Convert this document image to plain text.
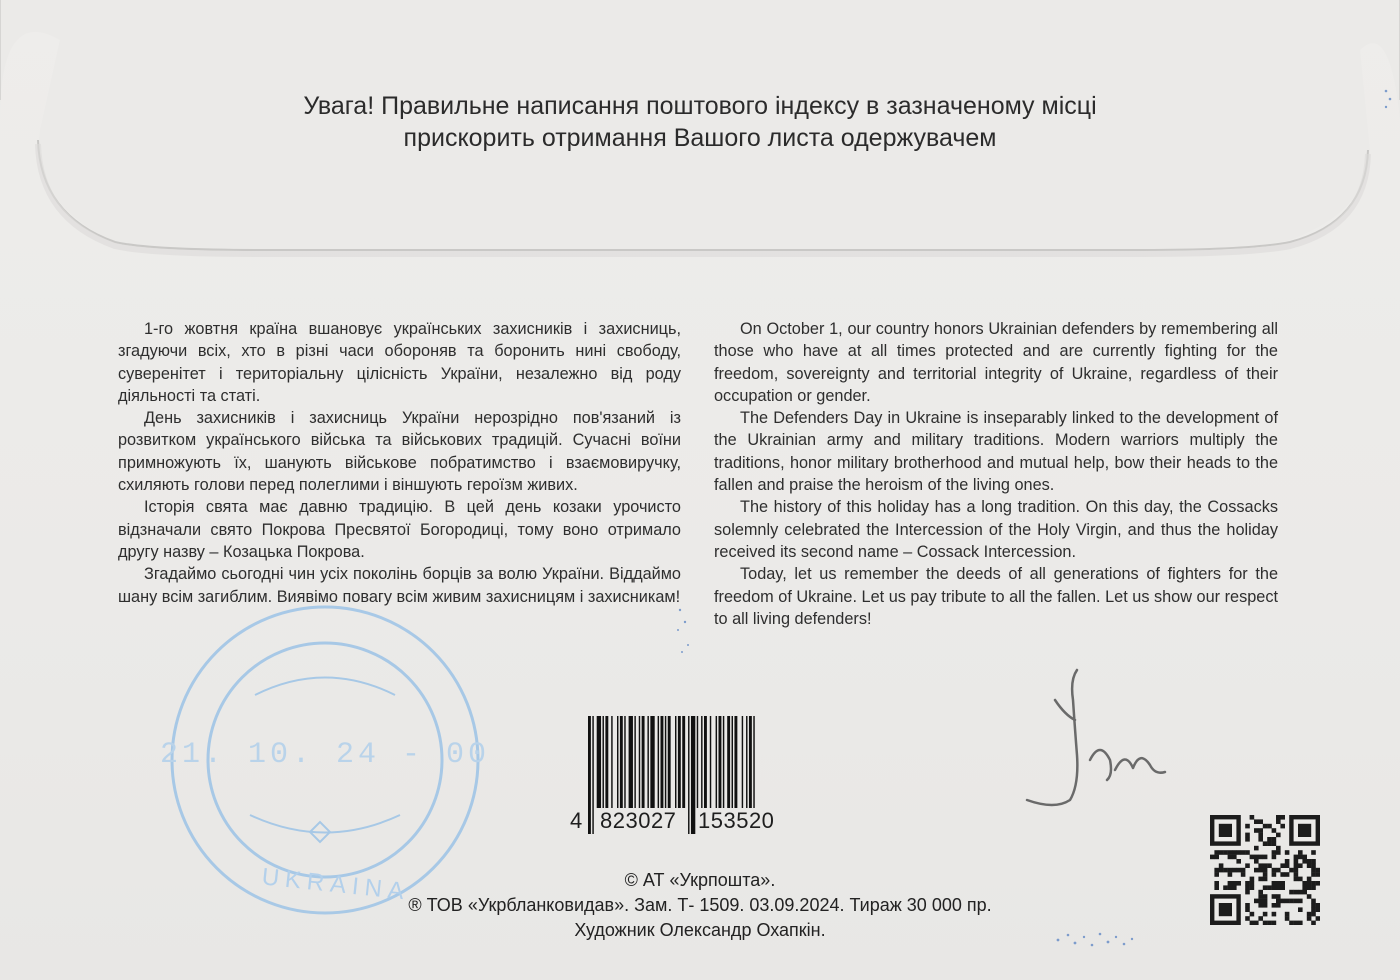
Увага! Правильне написання поштового індексу в зазначеному місці
прискорить отримання Вашого листа одержувачем

1-го жовтня країна вшановує українських захисників і захисниць, згадуючи всіх, хто в різні часи обороняв та боронить нині свободу, суверенітет і територіальну цілісність України, незалежно від роду діяльності та статі.

День захисників і захисниць України нерозрідно пов'язаний із розвитком українського війська та військових традицій. Сучасні воїни примножують їх, шанують військове побратимство і взаємовиручку, схиляють голови перед полеглими і віншують героїзм живих.

Історія свята має давню традицію. В цей день козаки урочисто відзначали свято Покрова Пресвятої Богородиці, тому воно отримало другу назву – Козацька Покрова.

Згадаймо сьогодні чин усіх поколінь борців за волю України. Віддаймо шану всім загиблим. Виявімо повагу всім живим захисницям і захисникам!

On October 1, our country honors Ukrainian defenders by remembering all those who have at all times protected and are currently fighting for the freedom, sovereignty and territorial integrity of Ukraine, regardless of their occupation or gender.

The Defenders Day in Ukraine is inseparably linked to the development of the Ukrainian army and military traditions. Modern warriors multiply the traditions, honor military brotherhood and mutual help, bow their heads to the fallen and praise the heroism of the living ones.

The history of this holiday has a long tradition. On this day, the Cossacks solemnly celebrated the Intercession of the Holy Virgin, and thus the holiday received its second name – Cossack Intercession.

Today, let us remember the deeds of all generations of fighters for the freedom of Ukraine. Let us pay tribute to all the fallen. Let us show our respect to all living defenders!

21. 10. 24 - 00
UKRAINA
4 823027 153520
© АТ «Укрпошта».
® ТОВ «Укрбланковидав». Зам. Т- 1509. 03.09.2024. Тираж 30 000 пр.
Художник Олександр Охапкін.
